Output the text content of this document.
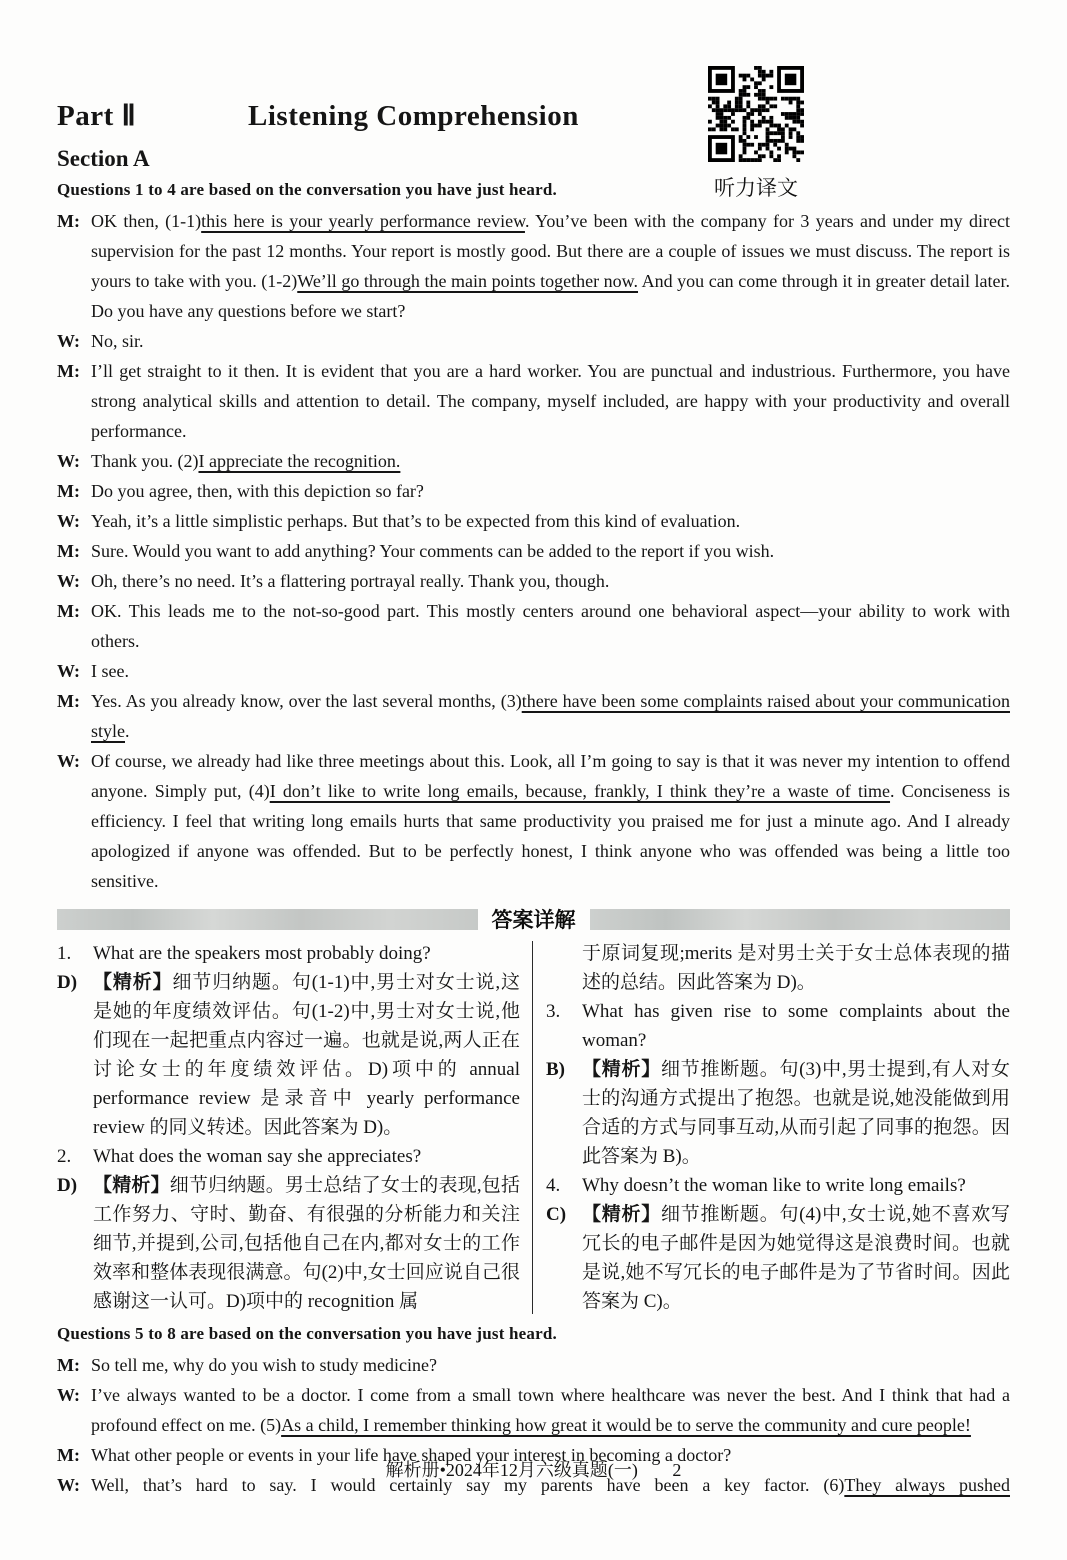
听力译文
Part Ⅱ	Listening Comprehension
Section A
Questions 1 to 4 are based on the conversation you have just heard.
M: OK then, (1-1)this here is your yearly performance review. You’ve been with the company for 3 years and under my direct supervision for the past 12 months. Your report is mostly good. But there are a couple of issues we must discuss. The report is yours to take with you. (1-2)We’ll go through the main points together now. And you can come through it in greater detail later. Do you have any questions before we start?
W: No, sir.
M: I’ll get straight to it then. It is evident that you are a hard worker. You are punctual and industrious. Furthermore, you have strong analytical skills and attention to detail. The company, myself included, are happy with your productivity and overall performance.
W: Thank you. (2)I appreciate the recognition.
M: Do you agree, then, with this depiction so far?
W: Yeah, it’s a little simplistic perhaps. But that’s to be expected from this kind of evaluation.
M: Sure. Would you want to add anything? Your comments can be added to the report if you wish.
W: Oh, there’s no need. It’s a flattering portrayal really. Thank you, though.
M: OK. This leads me to the not-so-good part. This mostly centers around one behavioral aspect—your ability to work with others.
W: I see.
M: Yes. As you already know, over the last several months, (3)there have been some complaints raised about your communication style.
W: Of course, we already had like three meetings about this. Look, all I’m going to say is that it was never my intention to offend anyone. Simply put, (4)I don’t like to write long emails, because, frankly, I think they’re a waste of time. Conciseness is efficiency. I feel that writing long emails hurts that same productivity you praised me for just a minute ago. And I already apologized if anyone was offended. But to be perfectly honest, I think anyone who was offended was being a little too sensitive.
答案详解
1. What are the speakers most probably doing?
D) 【精析】细节归纳题。句(1-1)中,男士对女士说,这是她的年度绩效评估。句(1-2)中,男士对女士说,他们现在一起把重点内容过一遍。也就是说,两人正在讨论女士的年度绩效评估。D)项中的 annual performance review 是录音中 yearly performance review 的同义转述。因此答案为 D)。
2. What does the woman say she appreciates?
D) 【精析】细节归纳题。男士总结了女士的表现,包括工作努力、守时、勤奋、有很强的分析能力和关注细节,并提到,公司,包括他自己在内,都对女士的工作效率和整体表现很满意。句(2)中,女士回应说自己很感谢这一认可。D)项中的 recognition 属
于原词复现;merits 是对男士关于女士总体表现的描述的总结。因此答案为 D)。
3. What has given rise to some complaints about the woman?
B) 【精析】细节推断题。句(3)中,男士提到,有人对女士的沟通方式提出了抱怨。也就是说,她没能做到用合适的方式与同事互动,从而引起了同事的抱怨。因此答案为 B)。
4. Why doesn’t the woman like to write long emails?
C) 【精析】细节推断题。句(4)中,女士说,她不喜欢写冗长的电子邮件是因为她觉得这是浪费时间。也就是说,她不写冗长的电子邮件是为了节省时间。因此答案为 C)。
Questions 5 to 8 are based on the conversation you have just heard.
M: So tell me, why do you wish to study medicine?
W: I’ve always wanted to be a doctor. I come from a small town where healthcare was never the best. And I think that had a profound effect on me. (5)As a child, I remember thinking how great it would be to serve the community and cure people!
M: What other people or events in your life have shaped your interest in becoming a doctor?
W: Well, that’s hard to say. I would certainly say my parents have been a key factor. (6)They always pushed
解析册•2024年12月六级真题(一) 2
